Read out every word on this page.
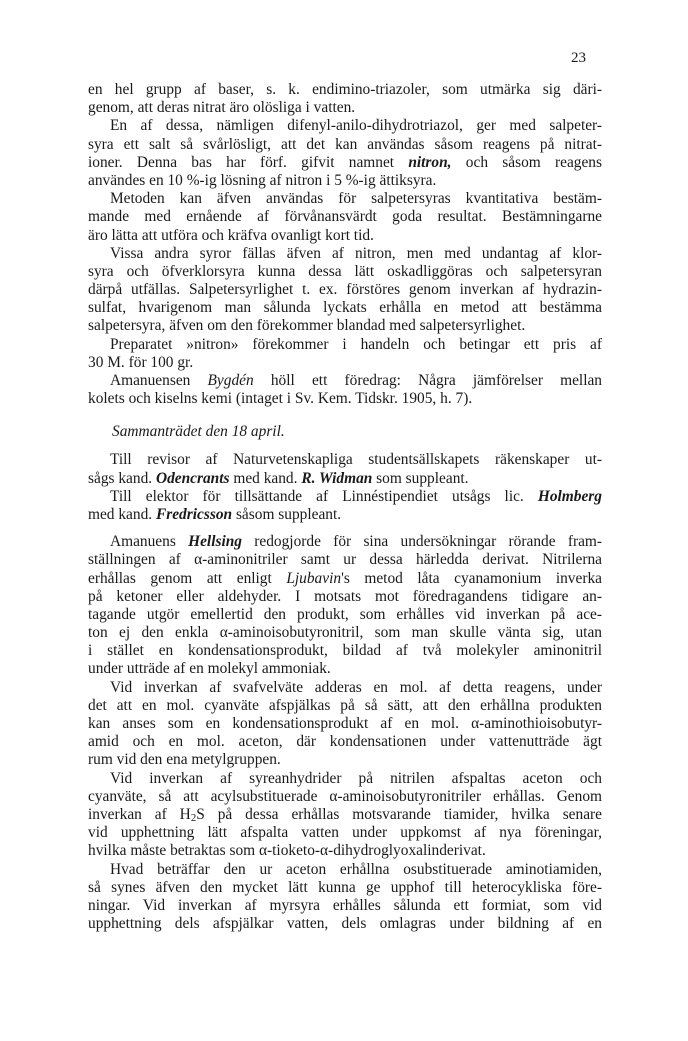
23
en hel grupp af baser, s. k. endimino-triazoler, som utmärka sig däri-
genom, att deras nitrat äro olösliga i vatten.
En af dessa, nämligen difenyl-anilo-dihydrotriazol, ger med salpeter-
syra ett salt så svårlösligt, att det kan användas såsom reagens på nitrat-
ioner. Denna bas har förf. gifvit namnet nitron, och såsom reagens
användes en 10 %-ig lösning af nitron i 5 %-ig ättiksyra.
Metoden kan äfven användas för salpetersyras kvantitativa bestäm-
mande med ernående af förvånansvärdt goda resultat. Bestämningarne
äro lätta att utföra och kräfva ovanligt kort tid.
Vissa andra syror fällas äfven af nitron, men med undantag af klor-
syra och öfverklorsyra kunna dessa lätt oskadliggöras och salpetersyran
därpå utfällas. Salpetersyrlighet t. ex. förstöres genom inverkan af hydrazin-
sulfat, hvarigenom man sålunda lyckats erhålla en metod att bestämma
salpetersyra, äfven om den förekommer blandad med salpetersyrlighet.
Preparatet »nitron» förekommer i handeln och betingar ett pris af
30 M. för 100 gr.
Amanuensen Bygdén höll ett föredrag: Några jämförelser mellan
kolets och kiselns kemi (intaget i Sv. Kem. Tidskr. 1905, h. 7).
Sammanträdet den 18 april.
Till revisor af Naturvetenskapliga studentsällskapets räkenskaper ut-
sågs kand. Odencrants med kand. R. Widman som suppleant.
Till elektor för tillsättande af Linnéstipendiet utsågs lic. Holmberg
med kand. Fredricsson såsom suppleant.
Amanuens Hellsing redogjorde för sina undersökningar rörande fram-
ställningen af α-aminonitriler samt ur dessa härledda derivat. Nitrilerna
erhållas genom att enligt Ljubavin's metod låta cyanamonium inverka
på ketoner eller aldehyder. I motsats mot föredragandens tidigare an-
tagande utgör emellertid den produkt, som erhålles vid inverkan på ace-
ton ej den enkla α-aminoisobutyronitril, som man skulle vänta sig, utan
i stället en kondensationsprodukt, bildad af två molekyler aminonitril
under utträde af en molekyl ammoniak.
Vid inverkan af svafvelväte adderas en mol. af detta reagens, under
det att en mol. cyanväte afspjälkas på så sätt, att den erhållna produkten
kan anses som en kondensationsprodukt af en mol. α-aminothioisobutyr-
amid och en mol. aceton, där kondensationen under vattenutträde ägt
rum vid den ena metylgruppen.
Vid inverkan af syreanhydrider på nitrilen afspaltas aceton och
cyanväte, så att acylsubstituerade α-aminoisobutyronitriler erhållas. Genom
inverkan af $H_2S$ på dessa erhållas motsvarande tiamider, hvilka senare
vid upphettning lätt afspalta vatten under uppkomst af nya föreningar,
hvilka måste betraktas som α-tioketo-α-dihydroglyoxalinderivat.
Hvad beträffar den ur aceton erhållna osubstituerade aminotiamiden,
så synes äfven den mycket lätt kunna ge upphof till heterocykliska före-
ningar. Vid inverkan af myrsyra erhålles sålunda ett formiat, som vid
upphettning dels afspjälkar vatten, dels omlagras under bildning af en
